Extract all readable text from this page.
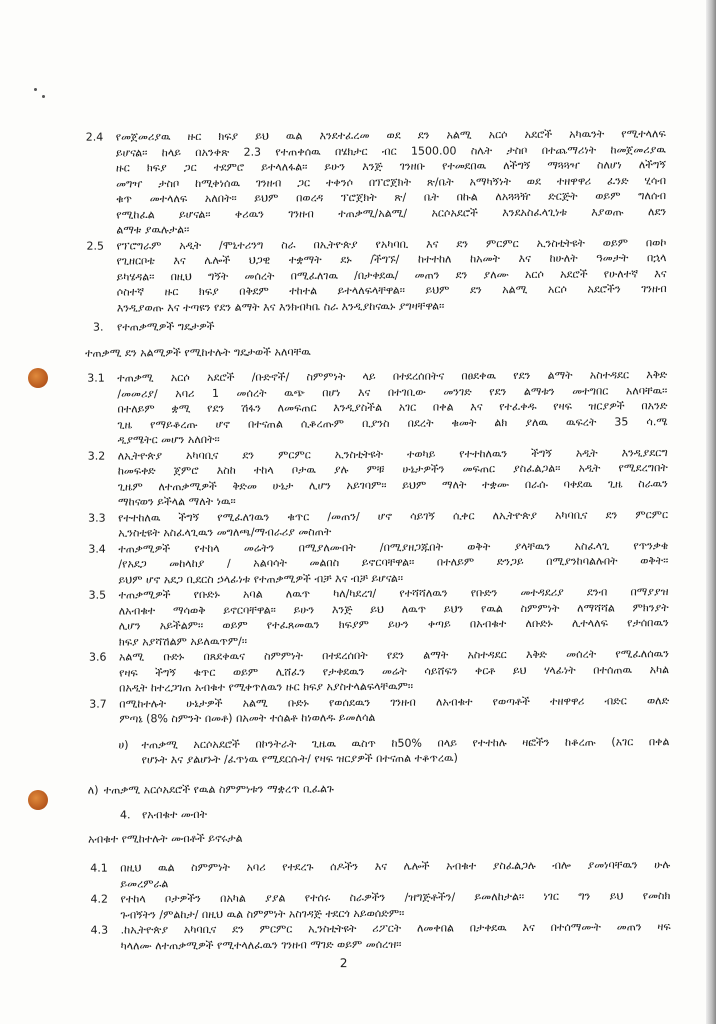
2.4 የመጀመሪያዉ ዙር ክፍያ ይህ ዉል እንደተፈረመ ወደ ደን አልሚ አርሶ አደሮች አካዉንት የሚተላለፍ
ይሆናል፡፡ ከላይ በአንቀጽ 2.3 የተጠቀሰዉ በሄክታር ብር 1500.00 ስሌት ታስቦ በተጨማሪነት ከመጀመሪያዉ
ዙር ክፍያ ጋር ተደምሮ ይተላለፋል፡፡ ይሁን እንጅ ገንዘቡ የተመደበዉ ለችግኝ ማጓጓዣ ስለሆነ ለችግኝ
መግዣ ታስቦ ከሚቀነሰዉ ገንዘብ ጋር ተቀንሶ በፕሮጀክት ጽ/ቤት አማካኝነት ወደ ተዘዋዋሪ ፈንድ ሂሳብ
ቁጥ መተላለፍ አለበት፡፡ ይህም በወረዳ ፕሮጀክት ጽ/ ቤት በኩል ለአጓጓዥ ድርጅት ወይም ግለሰብ
የሚከፈል ይሆናል፡፡ ቀሪዉን ገንዘብ ተጠቃሚ/አልሚ/ አርሶአደሮች እንደአስፈላጊነቱ እያወጡ ለደን
ልማቱ ያዉሉታል፡፡
2.5 የፕሮግራም አዲት /ሞኒተሪንግ ስራ በኢትዮጵያ የአካባቢ እና ደን ምርምር ኢንስቲትዩት ወይም በወኮ
የጊዘርቦቴ እና ሌሎች ህጋዊ ተቋማት ደኑ /ችግኙ/ ከተተከለ ከአመት እና ከሁለት ዓመታት በኋላ
ይካሄዳል፡፡ በዚህ ግኝት መሰረት በሚፈለገዉ /በታቀደዉ/ መጠን ደን ያለሙ አርሶ አደሮች የሁለተኛ እና
ሶስተኛ ዙር ክፍያ በቅደም ተከተል ይተላለፍላቸዋል፡፡ ይህም ደን አልሚ አርሶ አደሮችን ገንዘብ
እንዲያወጡ እና ተጣዩን የደን ልማት እና እንክብካቤ ስራ እንዲያከናዉኑ ያግዛቸዋል፡፡
3. የተጠቃሚዎች ግዴታዎች
ተጠቃሚ ደን አልሚዎች የሚከተሉት ግዴታወች አለባቸዉ
3.1 ተጠቃሚ አርሶ አደሮች /ቡድኖች/ ስምምነት ላይ በተደረሰበትና በፀደቀዉ የደን ልማት አስተዳደር እቅድ
/መመሪያ/ አባሪ 1 መሰረት ዉጭ በሆነ እና በተገቢው መንገድ የደን ልማቱን መተግበር አለባቸዉ፡፡
በተለይም ቋሚ የደን ሽፋን ለመፍጠር እንዲያስችል አገር በቀል እና የተፈቀዱ የዛፍ ዝርያዎች በአንድ
ጊዜ የማይቆረጡ ሆኖ በተናጠል ሲቆረጡም ቢያንስ በደረት ቁመት ልክ ያለዉ ዉፍረት 35 ሳ.ሜ
ዲያሜትር መሆን አለበት፡፡
3.2 ለኢትዮጵያ አካባቢና ደን ምርምር ኢንስቲትዩት ተወካይ የተተከለዉን ችግኝ አዲት እንዲያደርግ
ከመፍቀድ ጀምሮ እስከ ተከላ ቦታዉ ያሉ ምቹ ሁኔታዎችን መፍጠር ያስፈልጋል፡፡ አዲት የሚደረግበት
ጊዜም ለተጠቃሚዎች ቅድመ ሁኔታ ሊሆን አይገባም፡፡ ይህም ማለት ተቋሙ በራሱ ባቀደዉ ጊዜ ስራዉን
ማከናወን ይችላል ማለት ነዉ፡፡
3.3 የተተከለዉ ችግኝ የሚፈለገዉን ቁጥር /መጠን/ ሆኖ ሳይገኝ ሲቀር ለኢትዮጵያ አካባቢና ደን ምርምር
ኢንስቲዩት አስፈላጊዉን መግለጫ/ማብራሪያ መስጠት
3.4 ተጠቃሚዎች የተከላ መሬትን በሚያለሙበት /በሚያዘጋጁበት ወቅት ያላቸዉን አስፈላጊ የጥንቃቄ
/የአደጋ መከላከያ / አልባሳት መልበስ ይኖርባቸዋል፡፡ በተለይም ድንጋይ በሚያንከባልሉበት ወቅት፡፡
ይህም ሆኖ አደጋ ቢደርስ ኃላፊነቱ የተጠቃሚዎች ብቻ እና ብቻ ይሆናል፡፡
3.5 ተጠቃሚዎች የቡድኑ አባል ለዉጥ ካለ/ካደረገ/ የተሻሻለዉን የቡድን መተዳደሪያ ደንብ በማያያዝ
ለአብቁተ ማሳወቅ ይኖርባቸዋል፡፡ ይሁን እንጅ ይህ ለዉጥ ይህን የዉል ስምምነት ለማሻሻል ምክንያት
ሊሆን አይችልም፡፡ ወይም የተፈጸመዉን ክፍያም ይሁን ቀጣይ በአብቁተ ለቡድኑ ሊተላለፍ የታሰበዉን
ክፍያ አያሻሽልም አይለዉጥም/፡፡
3.6 አልሚ ቡድኑ በጸደቀዉና ስምምነት በተደረሰበት የደን ልማት አስተዳደር እቅድ መሰረት የሚፈለሰዉን
የዛፍ ችግኝ ቁጥር ወይም ሊሸፈን የታቀደዉን መሬት ሳይሸፍን ቀርቶ ይህ ሃላፊነት በተሰጠዉ አካል
በአዲት ከተረጋገጠ አብቁተ የሚቀጥለዉን ዙር ክፍያ አያስተላልፍላቸዉም፡፡
3.7 በሚከተሉት ሁኔታዎች አልሚ ቡድኑ የወሰደዉን ገንዘብ ለአብቁተ የወጣቶች ተዘዋዋሪ ብድር ወለድ
ምጣኔ (8% ስምንት በመቶ) በአመት ተሰልቶ ከነወለዱ ይመለሳል
ሀ) ተጠቃሚ አርሶአደሮች በኮንትራት ጊዜዉ ዉስጥ ከ50% በላይ የተተከሉ ዛፎችን ከቆረጡ (አገር በቀል
የሆኑት እና ያልሆኑት /ፈጥነዉ የሚደርሱት/ የዛፍ ዝርያዎች በተናጠል ተቆጥረዉ)
ለ) ተጠቃሚ አርሶአደሮች የዉል ስምምነቱን ማቋረጥ ቢፈልጉ
4. የአብቁተ መብት
አብቁተ የሚከተሉት መብቶች ይኖሩታል
4.1 በዚህ ዉል ስምምነት አባሪ የተደረጉ ሰዶችን እና ሌሎች አብቁተ ያስፈልጋሉ ብሎ ያመነባቸዉን ሁሉ
ይመረምራል
4.2 የተከላ ቦታዎችን በአካል ያያል የተሰሩ ስራዎችን /ዝግጅቶችን/ ይመለከታል፡፡ ነገር ግን ይህ የመስክ
ጉብኝትን /ምልከታ/ በዚህ ዉል ስምምነት አስገዳጅ ተደርጎ አይወሰድም፡፡
4.3 .ከኢትዮጵያ አካባቢና ደን ምርምር ኢንስቲትዩት ሪፖርት ለመቀበል በታቀደዉ እና በተሰማሙት መጠን ዛፍ
ካላለሙ ለተጠቃሚዎች የሚተላለፈዉን ገንዘብ ማገድ ወይም መሰረዝ፡፡
2
